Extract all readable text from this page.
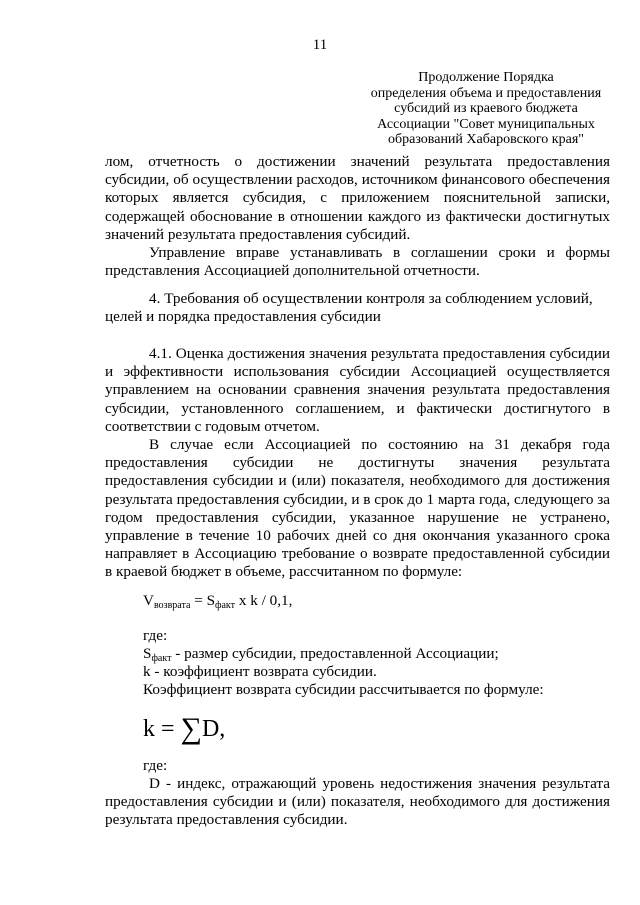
11
Продолжение Порядка
определения объема и предоставления
субсидий из краевого бюджета
Ассоциации "Совет муниципальных
образований Хабаровского края"

лом, отчетность о достижении значений результата предоставления субсидии, об осуществлении расходов, источником финансового обеспечения которых является субсидия, с приложением пояснительной записки, содержащей обоснование в отношении каждого из фактически достигнутых значений результата предоставления субсидий.

Управление вправе устанавливать в соглашении сроки и формы представления Ассоциацией дополнительной отчетности.

4. Требования об осуществлении контроля за соблюдением условий, целей и порядка предоставления субсидии

4.1. Оценка достижения значения результата предоставления субсидии и эффективности использования субсидии Ассоциацией осуществляется управлением на основании сравнения значения результата предоставления субсидии, установленного соглашением, и фактически достигнутого в соответствии с годовым отчетом.

В случае если Ассоциацией по состоянию на 31 декабря года предоставления субсидии не достигнуты значения результата предоставления субсидии и (или) показателя, необходимого для достижения результата предоставления субсидии, и в срок до 1 марта года, следующего за годом предоставления субсидии, указанное нарушение не устранено, управление в течение 10 рабочих дней со дня окончания указанного срока направляет в Ассоциацию требование о возврате предоставленной субсидии в краевой бюджет в объеме, рассчитанном по формуле:

Vвозврата = Sфакт x k / 0,1,
где:
Sфакт - размер субсидии, предоставленной Ассоциации;
k - коэффициент возврата субсидии.
Коэффициент возврата субсидии рассчитывается по формуле:
k = ∑D,
где:

D - индекс, отражающий уровень недостижения значения результата предоставления субсидии и (или) показателя, необходимого для достижения результата предоставления субсидии.
